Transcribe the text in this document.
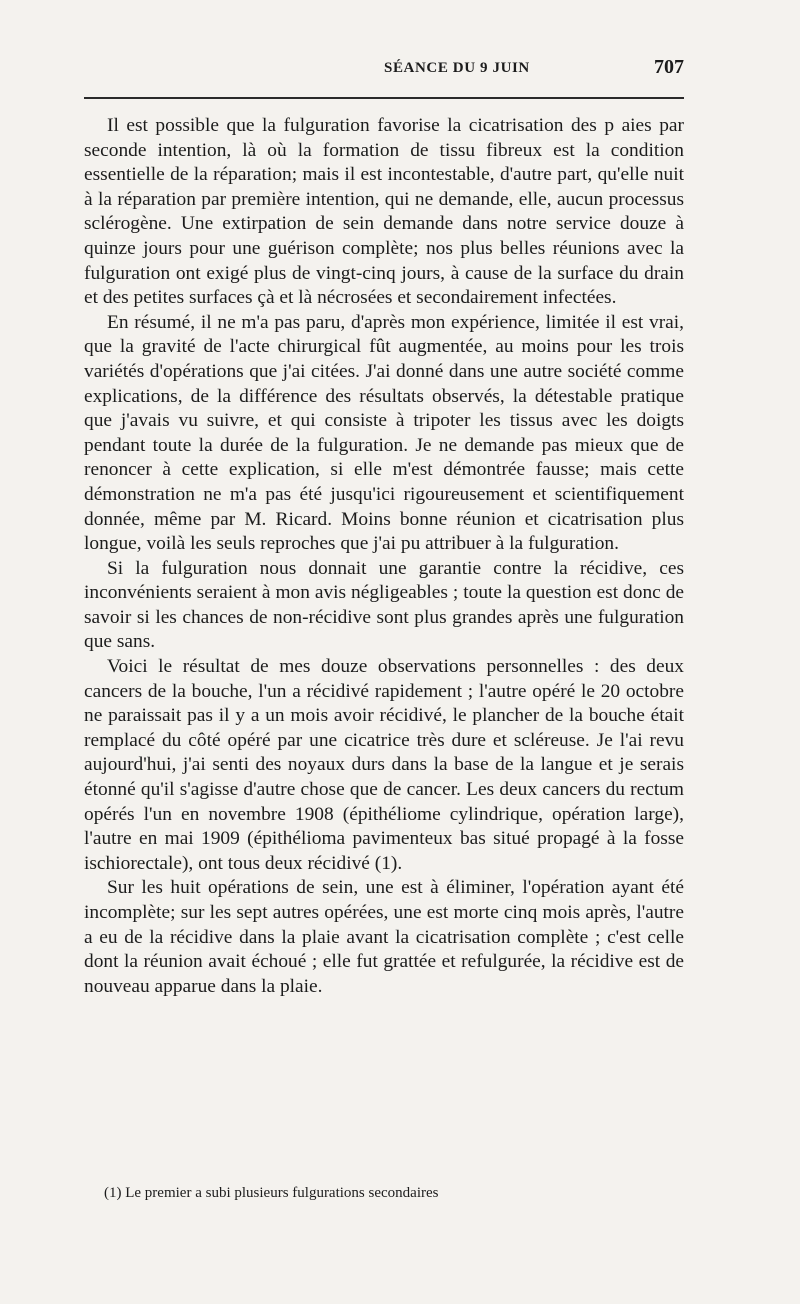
SÉANCE DU 9 JUIN	707

Il est possible que la fulguration favorise la cicatrisation des p aies par seconde intention, là où la formation de tissu fibreux est la condition essentielle de la réparation; mais il est incontestable, d'autre part, qu'elle nuit à la réparation par première intention, qui ne demande, elle, aucun processus sclérogène. Une extirpation de sein demande dans notre service douze à quinze jours pour une guérison complète; nos plus belles réunions avec la fulguration ont exigé plus de vingt-cinq jours, à cause de la surface du drain et des petites surfaces çà et là nécrosées et secondairement infectées.

En résumé, il ne m'a pas paru, d'après mon expérience, limitée il est vrai, que la gravité de l'acte chirurgical fût augmentée, au moins pour les trois variétés d'opérations que j'ai citées. J'ai donné dans une autre société comme explications, de la différence des résultats observés, la détestable pratique que j'avais vu suivre, et qui consiste à tripoter les tissus avec les doigts pendant toute la durée de la fulguration. Je ne demande pas mieux que de renoncer à cette explication, si elle m'est démontrée fausse; mais cette démonstration ne m'a pas été jusqu'ici rigoureusement et scientifiquement donnée, même par M. Ricard. Moins bonne réunion et cicatrisation plus longue, voilà les seuls reproches que j'ai pu attribuer à la fulguration.

Si la fulguration nous donnait une garantie contre la récidive, ces inconvénients seraient à mon avis négligeables ; toute la question est donc de savoir si les chances de non-récidive sont plus grandes après une fulguration que sans.

Voici le résultat de mes douze observations personnelles : des deux cancers de la bouche, l'un a récidivé rapidement ; l'autre opéré le 20 octobre ne paraissait pas il y a un mois avoir récidivé, le plancher de la bouche était remplacé du côté opéré par une cicatrice très dure et scléreuse. Je l'ai revu aujourd'hui, j'ai senti des noyaux durs dans la base de la langue et je serais étonné qu'il s'agisse d'autre chose que de cancer. Les deux cancers du rectum opérés l'un en novembre 1908 (épithéliome cylindrique, opération large), l'autre en mai 1909 (épithélioma pavimenteux bas situé propagé à la fosse ischiorectale), ont tous deux récidivé (1).

Sur les huit opérations de sein, une est à éliminer, l'opération ayant été incomplète; sur les sept autres opérées, une est morte cinq mois après, l'autre a eu de la récidive dans la plaie avant la cicatrisation complète ; c'est celle dont la réunion avait échoué ; elle fut grattée et refulgurée, la récidive est de nouveau apparue dans la plaie.

(1) Le premier a subi plusieurs fulgurations secondaires
